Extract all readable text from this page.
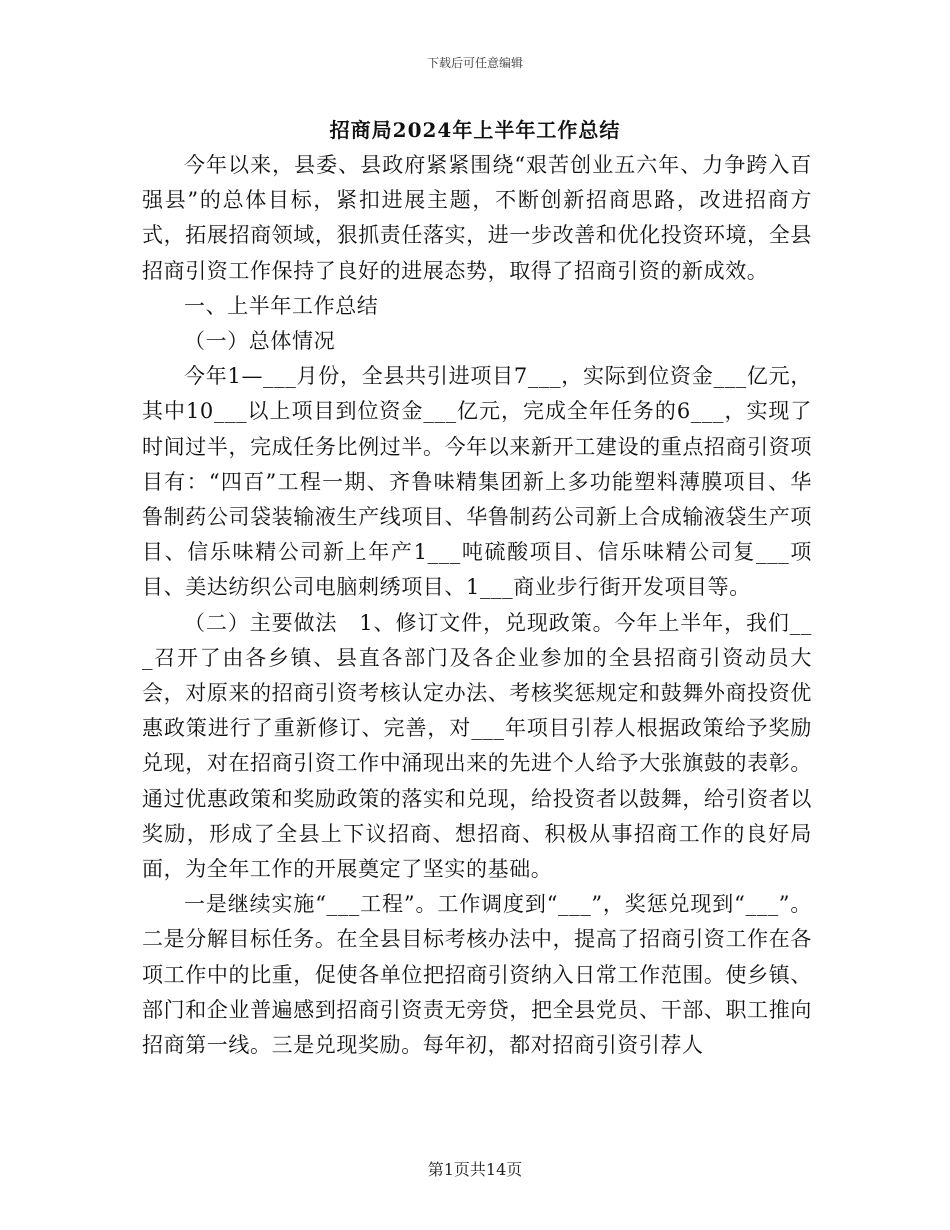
下载后可任意编辑
招商局2024年上半年工作总结

今年以来，县委、县政府紧紧围绕“艰苦创业五六年、力争跨入百强县”的总体目标，紧扣进展主题，不断创新招商思路，改进招商方式，拓展招商领域，狠抓责任落实，进一步改善和优化投资环境，全县招商引资工作保持了良好的进展态势，取得了招商引资的新成效。

一、上半年工作总结

（一）总体情况

今年1—___月份，全县共引进项目7___，实际到位资金___亿元，其中10___以上项目到位资金___亿元，完成全年任务的6___，实现了时间过半，完成任务比例过半。今年以来新开工建设的重点招商引资项目有：“四百”工程一期、齐鲁味精集团新上多功能塑料薄膜项目、华鲁制药公司袋装输液生产线项目、华鲁制药公司新上合成输液袋生产项目、信乐味精公司新上年产1___吨硫酸项目、信乐味精公司复___项目、美达纺织公司电脑刺绣项目、1___商业步行街开发项目等。

（二）主要做法　1、修订文件，兑现政策。今年上半年，我们___召开了由各乡镇、县直各部门及各企业参加的全县招商引资动员大会，对原来的招商引资考核认定办法、考核奖惩规定和鼓舞外商投资优惠政策进行了重新修订、完善，对___年项目引荐人根据政策给予奖励兑现，对在招商引资工作中涌现出来的先进个人给予大张旗鼓的表彰。通过优惠政策和奖励政策的落实和兑现，给投资者以鼓舞，给引资者以奖励，形成了全县上下议招商、想招商、积极从事招商工作的良好局面，为全年工作的开展奠定了坚实的基础。

一是继续实施“___工程”。工作调度到“___”，奖惩兑现到“___”。二是分解目标任务。在全县目标考核办法中，提高了招商引资工作在各项工作中的比重，促使各单位把招商引资纳入日常工作范围。使乡镇、部门和企业普遍感到招商引资责无旁贷，把全县党员、干部、职工推向招商第一线。三是兑现奖励。每年初，都对招商引资引荐人

第1页共14页
